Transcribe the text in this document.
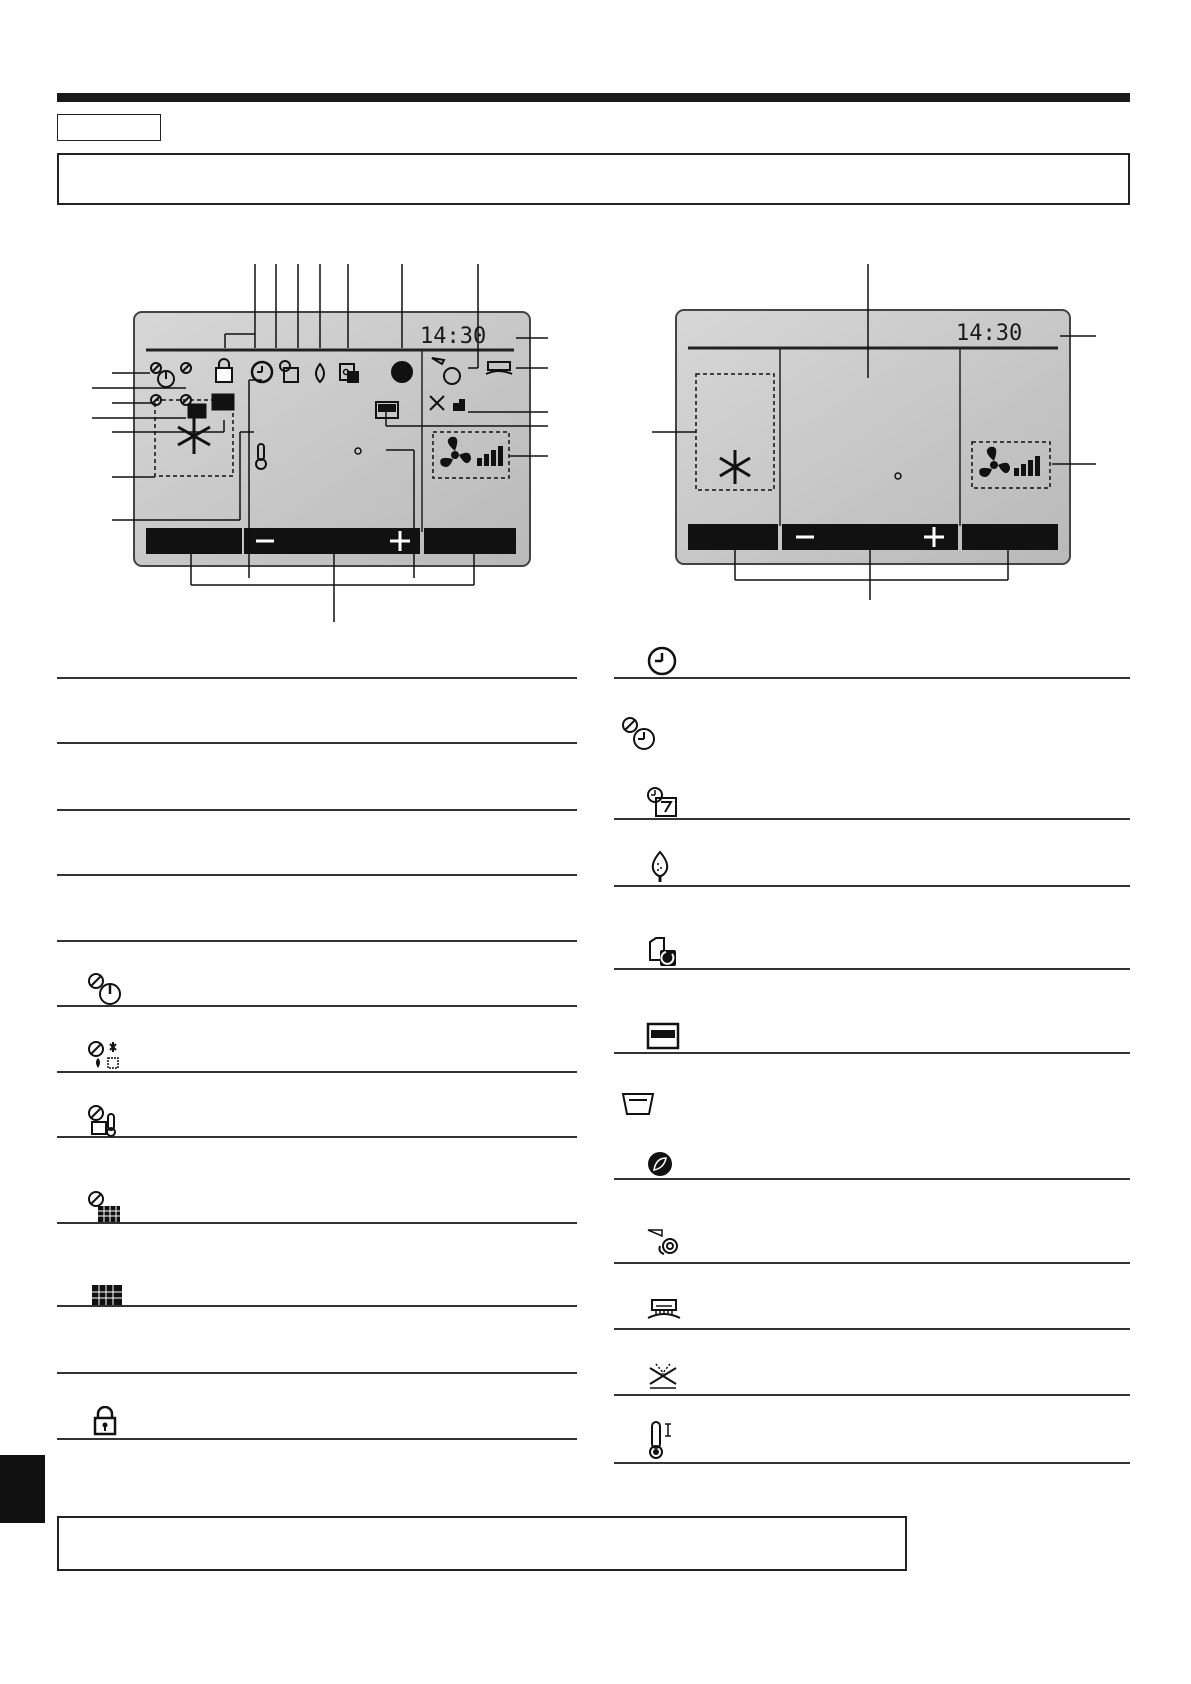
14:30	14:30
